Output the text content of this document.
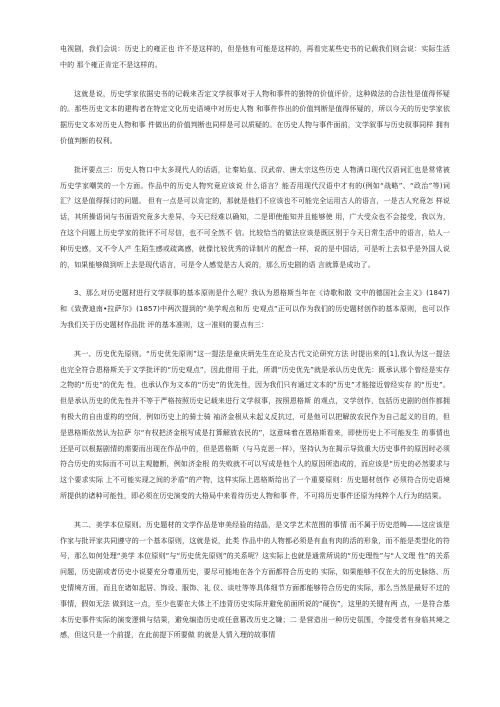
电视剧，我们会说：历史上的雍正也 许不是这样的，但是他有可能是这样的，再看完某些史书的记载我们则会说：实际生活中的 那个雍正肯定不是这样的。

这就是说，历史学家依据史书的记载来否定文学叙事对于人物和事件的独特的价值评价，这种做法的合法性是值得怀疑的。那些历史文本的建构者在特定文化历史语境中对历史人物 和事件作出的价值判断是值得怀疑的，所以今天的历史学家依据历史文本对历史人物和事 件做出的价值判断也同样是可以质疑的。在历史人物与事件面前，文学叙事与历史叙事同样 拥有价值判断的权利。

批评要点三：历史人物口中太多现代人的话语，让秦始皇、汉武帝、唐太宗这些历史 人物满口现代汉语词汇也是常常被历史学家嘲笑的一个方面。作品中的历史人物究竟应该说 什么语言？能否用现代汉语中才有的(例如“战略”、“政治”等)词汇？这是值得探讨的问题。 但有一点是可以肯定的，那就是他们不应该也不可能完全运用古人的语言，一是古人究竟怎 样说话，其所操语词与书面语究竟多大差异，今天已经难以确知，二是即使能知并且能够使 用，广大受众也不会接受，我以为，在这个问题上历史学家的批评不可尽信，也不可全然不 信。比较恰当的做法应该是既区别于今天日常生活中的语言，给人一种历史感，又不令人产 生陌生感或疏离感，就像比较优秀的译制片的配音一样，说的是中国话，可是听上去似乎是外国人说的，如果能够做到听上去是现代语言，可是令人感觉是古人说的，那么历史剧的语 言就算是成功了。

3、那么对历史题材进行文学叙事的基本原则是什么呢？我认为恩格斯当年在《诗歌和散 文中的德国社会主义》(1847)和《致费迪南•拉萨尔》(1857)中两次提到的“美学观点和历 史观点”正可以作为我们的历史题材创作的基本原则，也可以作为我们关于历史题材作品批 评的基本准则，这一准则的要点有三：

其一、历史优先原则。“历史优先原则”这一提法是童庆炳先生在论及古代文论研究方法 时提出来的[1],我认为这一提法也完全符合恩格斯关于文学批评的“历史观点”，因此借用 于此，所谓“历史优先”就是承认历史优先：既承认那个曾经是实存之物的“历史”的优先 性，也承认作为文本的“历史”的优先性，因为我们只有通过文本的“历史”才能接近曾经实存 的“历史”。但是承认历史的优先性并不等于严格按照历史记载来进行文学叙事，按照恩格斯 的观点，文学创作，包括历史剧的创作都拥有极大的自由虚构的空间，例如历史上的骑士骑 袖济金根从未起义反抗过，可是他可以把解放农民作为自己起义的目的，但是恩格斯依然认为拉萨 尔“有权把济金根写成是打算解放农民的”，这意味着在恩格斯看来，即使历史上不可能发生 的事情也还是可以根据剧情的需要而出现在作品中的，但是恩格斯（与马克思一样），坚持认为在揭示导致重大历史事件的原因时必须符合历史的实际而不可以主观臆断，例如济金根 的失败就不可以写成是他个人的原因所造成的，而应该是“历史的必然要求与这个要求实际 上不可能实现之间的矛盾”的产物，这样实际上恩格斯给出了一个重要原则：历史题材创作 必须符合历史语境所提供的诸种可能性，即必须在历史演变的大格局中来看待历史人物和事 件，不可将历史事件还原为纯粹个人行为的结果。

其二、美学本位原则。历史题材的文学作品是审美经验的结晶，是文学艺术范围的事情 而不属于历史范畴——这应该是作家与批评家共同遵守的一个基本原则，这就是说，此类 作品中的人物都必须是有血有肉的活的形象，而不能是类型化的符号，那么如何处理“美学 本位原则”与“历史优先原则”的关系呢？这实际上也就是通常所说的“历史理性”与“人文理 性”的关系问题，历史剧或者历史小说要充分尊重历史，要尽可能地在各个方面都符合历史的 实际，如果能够不仅在大的历史脉络、历史情境方面，而且在诸如起居、饰设、服饰、礼 仪、谈吐等等具体细节方面都能够符合历史的实际，那么当然是最好不过的事情，假如无法 做到这一点，至少也要在大体上不违背历史实际并避免前面所说的“硬伤”，这里的关键有两 点，一是符合基本历史事件实际的演变逻辑与结果，避免编造历史或任意篡改历史之嫌；二 是营造出一种历史氛围，令接受者有身临其境之感，但这只是一个前提，在此前提下所要做 的就是人情入理的故事情
